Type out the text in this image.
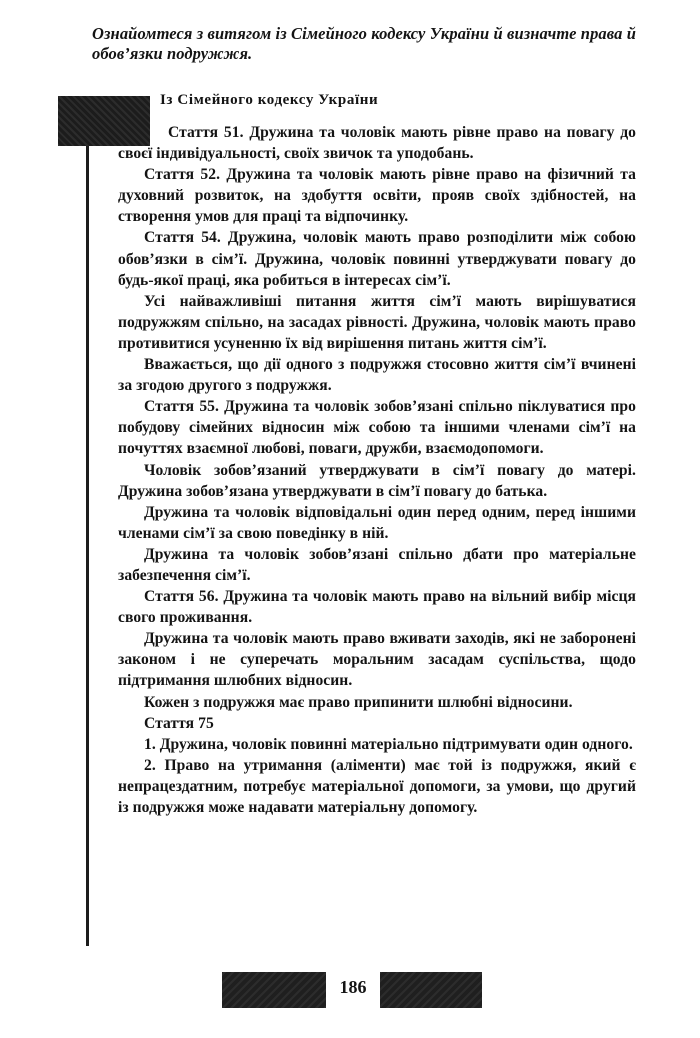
Ознайомтеся з витягом із Сімейного кодексу України й визначте права й обов’язки подружжя.
Із Сімейного кодексу України

Стаття 51. Дружина та чоловік мають рівне право на повагу до своєї індивідуальності, своїх звичок та уподобань.

Стаття 52. Дружина та чоловік мають рівне право на фізичний та духовний розвиток, на здобуття освіти, прояв своїх здібностей, на створення умов для праці та відпочинку.

Стаття 54. Дружина, чоловік мають право розподілити між собою обов’язки в сім’ї. Дружина, чоловік повинні утверджувати повагу до будь-якої праці, яка робиться в інтересах сім’ї.

Усі найважливіші питання життя сім’ї мають вирішуватися подружжям спільно, на засадах рівності. Дружина, чоловік мають право противитися усуненню їх від вирішення питань життя сім’ї.

Вважається, що дії одного з подружжя стосовно життя сім’ї вчинені за згодою другого з подружжя.

Стаття 55. Дружина та чоловік зобов’язані спільно піклуватися про побудову сімейних відносин між собою та іншими членами сім’ї на почуттях взаємної любові, поваги, дружби, взаємодопомоги.

Чоловік зобов’язаний утверджувати в сім’ї повагу до матері. Дружина зобов’язана утверджувати в сім’ї повагу до батька.

Дружина та чоловік відповідальні один перед одним, перед іншими членами сім’ї за свою поведінку в ній.

Дружина та чоловік зобов’язані спільно дбати про матеріальне забезпечення сім’ї.

Стаття 56. Дружина та чоловік мають право на вільний вибір місця свого проживання.

Дружина та чоловік мають право вживати заходів, які не заборонені законом і не суперечать моральним засадам суспільства, щодо підтримання шлюбних відносин.

Кожен з подружжя має право припинити шлюбні відносини.

Стаття 75

1. Дружина, чоловік повинні матеріально підтримувати один одного.

2. Право на утримання (аліменти) має той із подружжя, який є непрацездатним, потребує матеріальної допомоги, за умови, що другий із подружжя може надавати матеріальну допомогу.

186
